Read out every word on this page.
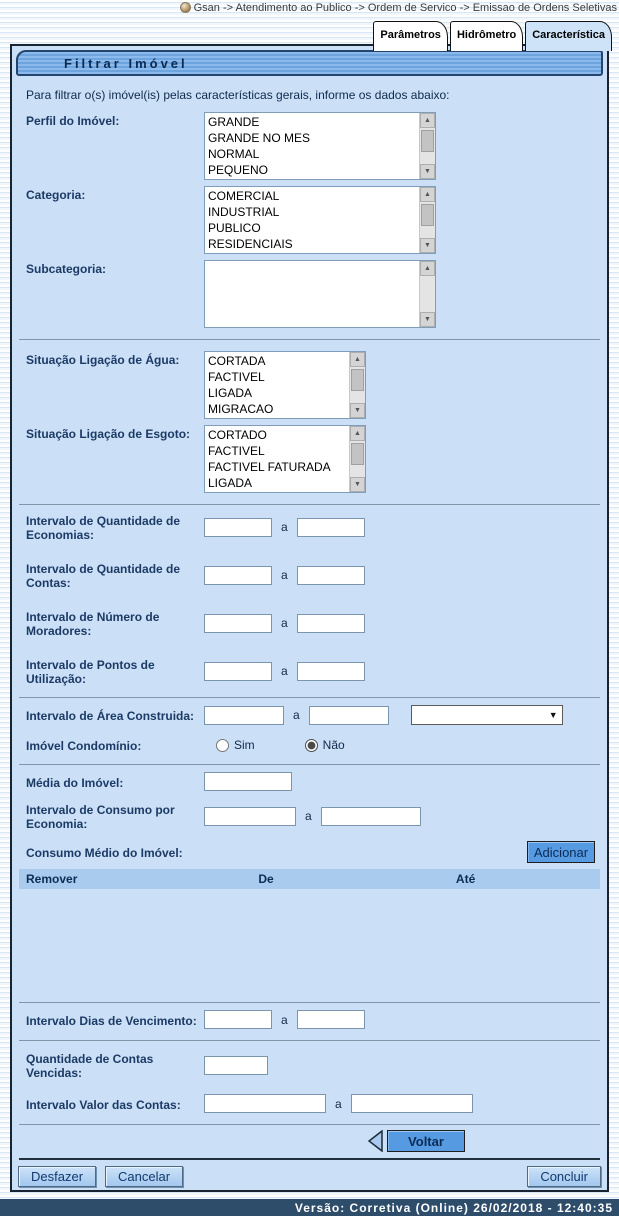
Gsan -> Atendimento ao Publico -> Ordem de Servico -> Emissao de Ordens Seletivas
Parâmetros	Hidrômetro	Característica
Filtrar Imóvel
Para filtrar o(s) imóvel(is) pelas características gerais, informe os dados abaixo:
Perfil do Imóvel:	GRANDE
GRANDE NO MES
NORMAL
PEQUENO
▲
▼
Categoria:	COMERCIAL
INDUSTRIAL
PUBLICO
RESIDENCIAIS
▲
▼
Subcategoria:	▲
▼
Situação Ligação de Água:	CORTADA
FACTIVEL
LIGADA
MIGRACAO
▲
▼
Situação Ligação de Esgoto:	CORTADO
FACTIVEL
FACTIVEL FATURADA
LIGADA
▲
▼
Intervalo de Quantidade de Economias:
a
Intervalo de Quantidade de Contas:
a
Intervalo de Número de Moradores:
a
Intervalo de Pontos de Utilização:
a
Intervalo de Área Construida:	a	▼
Imóvel Condomínio:	Sim	Não
Média do Imóvel:
Intervalo de Consumo por Economia:
a
Consumo Médio do Imóvel:	Adicionar
Remover	De	Até
Intervalo Dias de Vencimento:	a
Quantidade de Contas Vencidas:
Intervalo Valor das Contas:	a
Voltar
Desfazer	Cancelar	Concluir
Versão: Corretiva (Online) 26/02/2018 - 12:40:35
